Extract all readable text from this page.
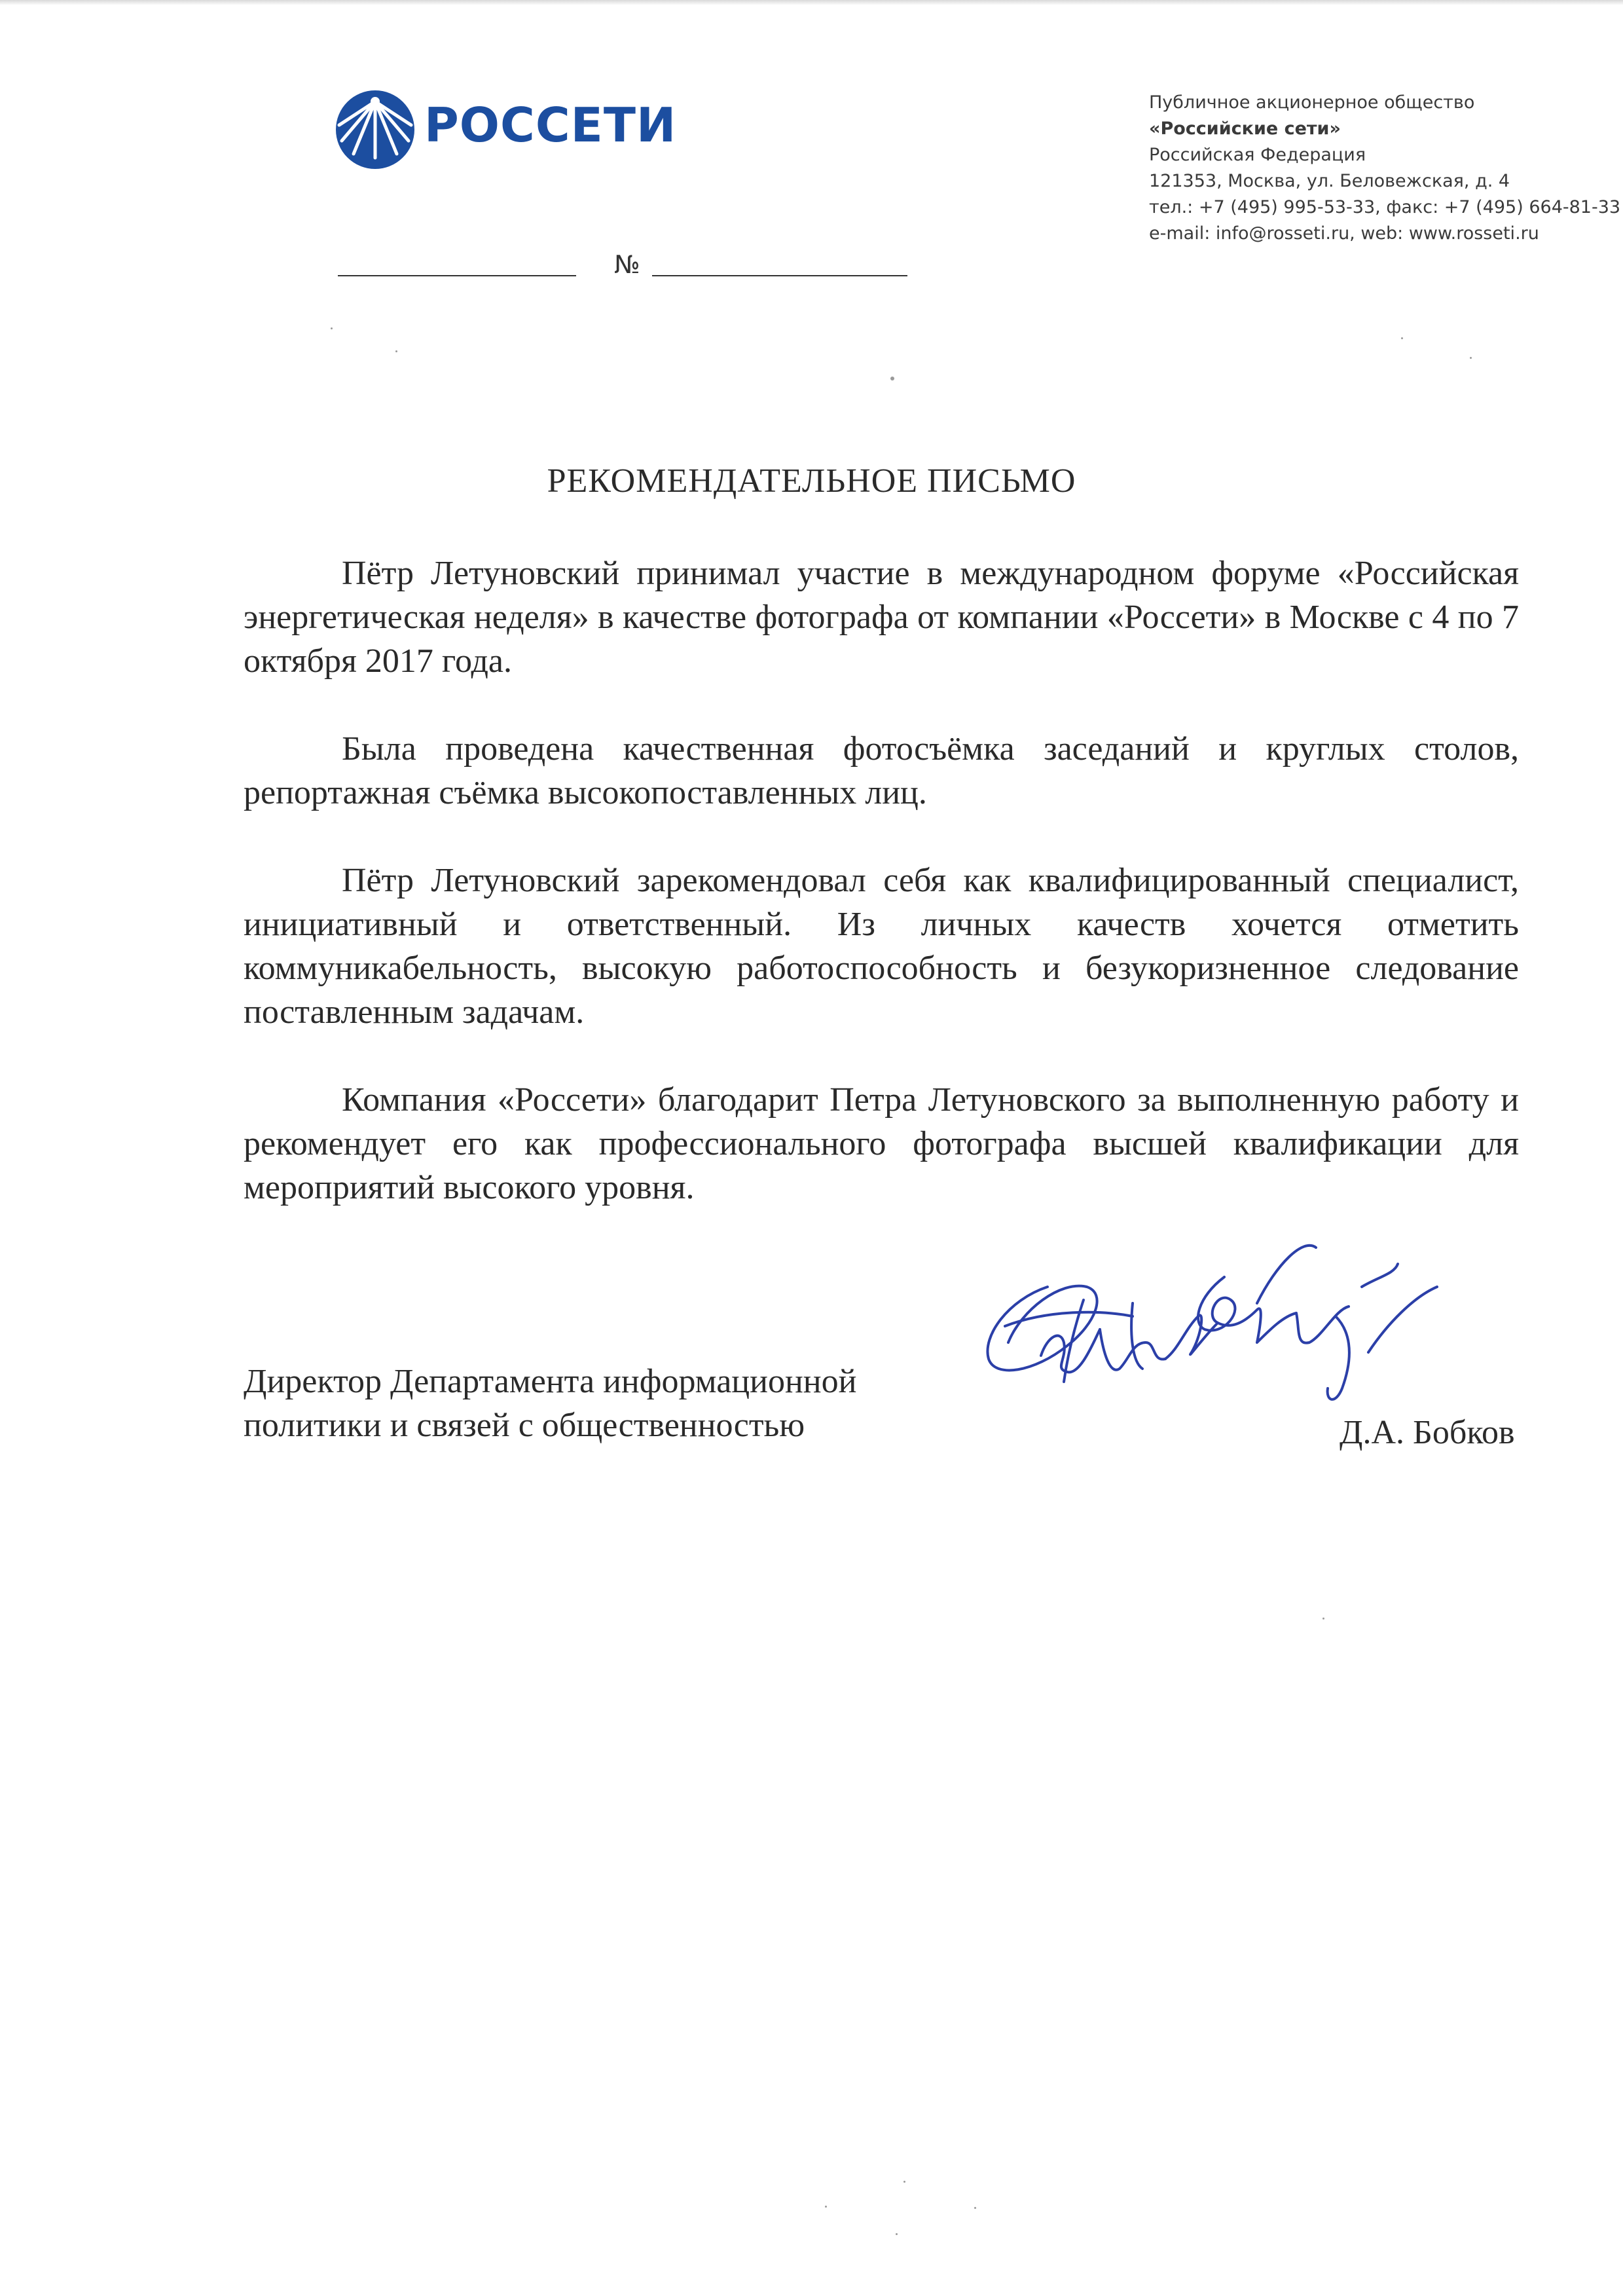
РОССЕТИ	Публичное акционерное общество
«Российские сети»
Российская Федерация
121353, Москва, ул. Беловежская, д. 4
тел.: +7 (495) 995-53-33, факс: +7 (495) 664-81-33
e-mail: info@rosseti.ru, web: www.rosseti.ru
№
РЕКОМЕНДАТЕЛЬНОЕ ПИСЬМО

Пётр Летуновский принимал участие в международном форуме «Российская энергетическая неделя» в качестве фотографа от компании «Россети» в Москве с 4 по 7 октября 2017 года.

Была проведена качественная фотосъёмка заседаний и круглых столов, репортажная съёмка высокопоставленных лиц.

Пётр Летуновский зарекомендовал себя как квалифицированный специалист, инициативный и ответственный. Из личных качеств хочется отметить коммуникабельность, высокую работоспособность и безукоризненное следование поставленным задачам.

Компания «Россети» благодарит Петра Летуновского за выполненную работу и рекомендует его как профессионального фотографа высшей квалификации для мероприятий высокого уровня.

Директор Департамента информационной
политики и связей с общественностью	Д.А. Бобков
